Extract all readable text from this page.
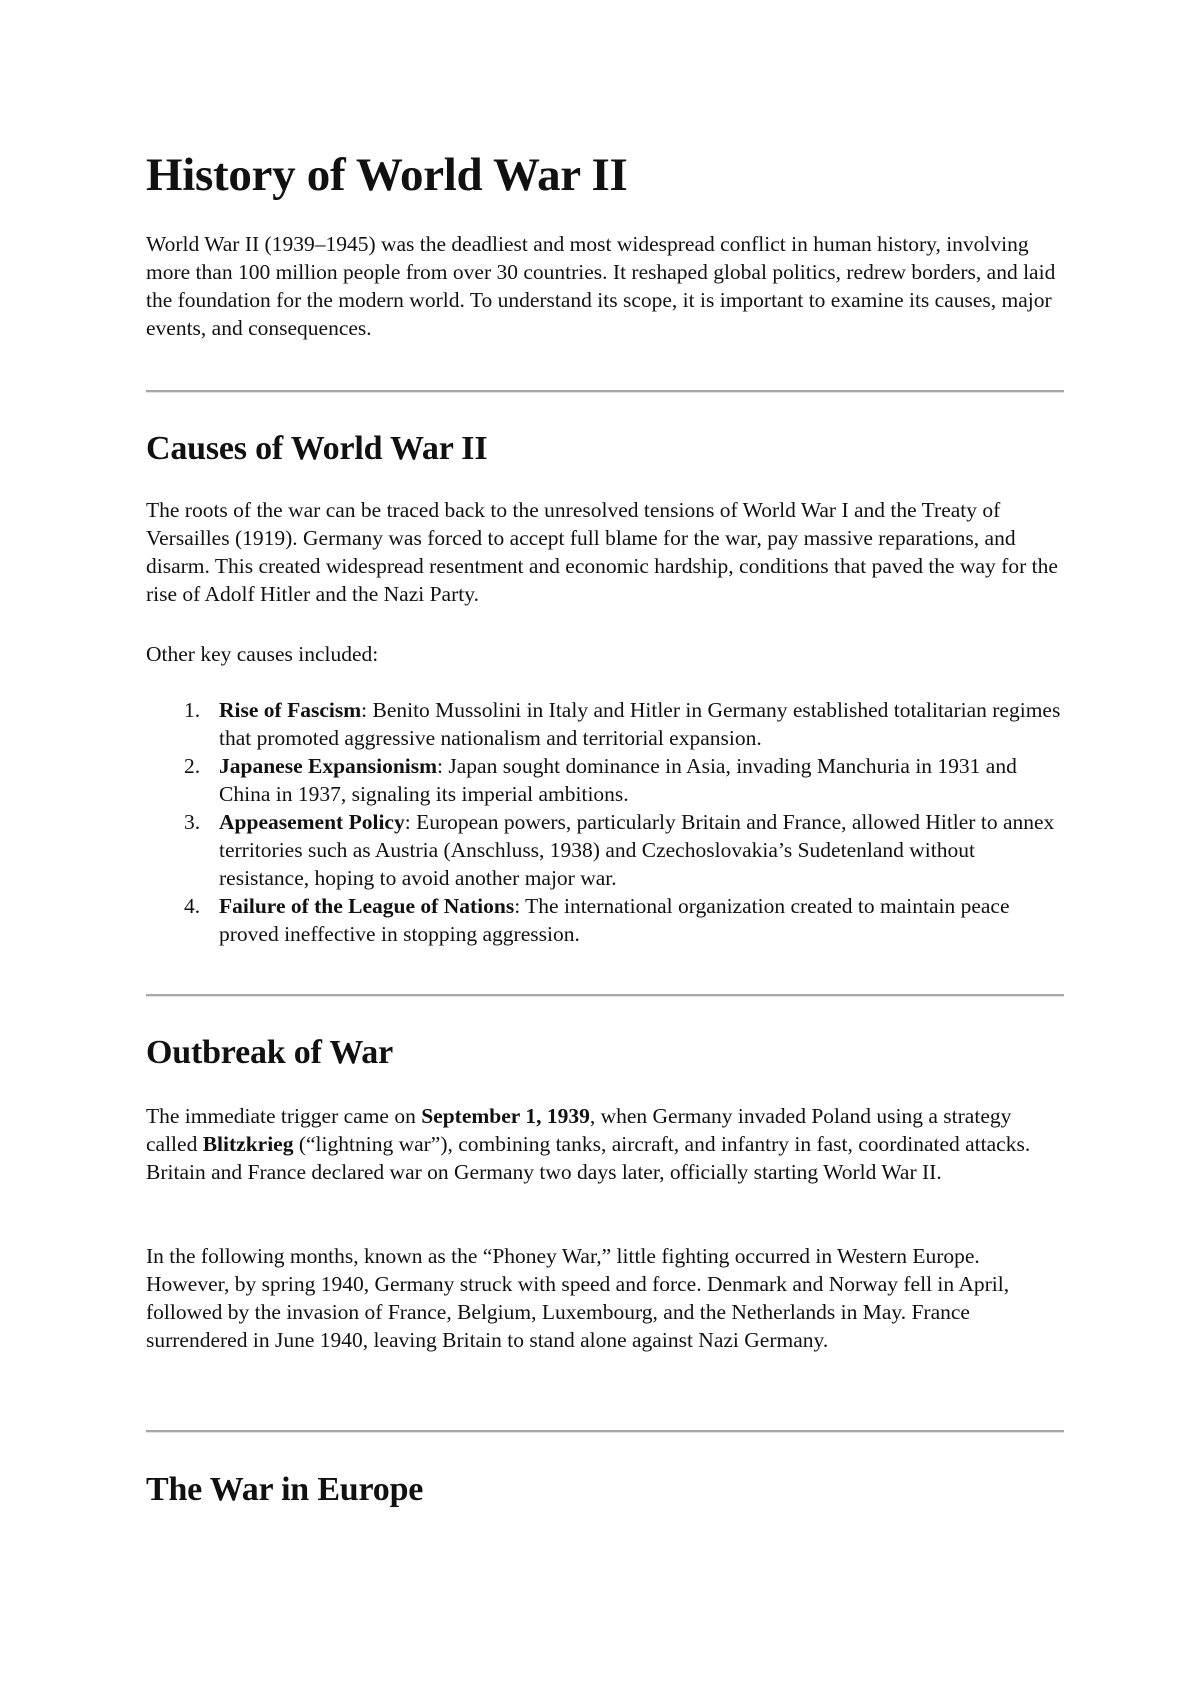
History of World War II

World War II (1939–1945) was the deadliest and most widespread conflict in human history, involving more than 100 million people from over 30 countries. It reshaped global politics, redrew borders, and laid the foundation for the modern world. To understand its scope, it is important to examine its causes, major events, and consequences.

Causes of World War II

The roots of the war can be traced back to the unresolved tensions of World War I and the Treaty of Versailles (1919). Germany was forced to accept full blame for the war, pay massive reparations, and disarm. This created widespread resentment and economic hardship, conditions that paved the way for the rise of Adolf Hitler and the Nazi Party.

Other key causes included:

1. Rise of Fascism: Benito Mussolini in Italy and Hitler in Germany established totalitarian regimes that promoted aggressive nationalism and territorial expansion.
2. Japanese Expansionism: Japan sought dominance in Asia, invading Manchuria in 1931 and China in 1937, signaling its imperial ambitions.
3. Appeasement Policy: European powers, particularly Britain and France, allowed Hitler to annex territories such as Austria (Anschluss, 1938) and Czechoslovakia’s Sudetenland without resistance, hoping to avoid another major war.
4. Failure of the League of Nations: The international organization created to maintain peace proved ineffective in stopping aggression.
Outbreak of War

The immediate trigger came on September 1, 1939, when Germany invaded Poland using a strategy called Blitzkrieg (“lightning war”), combining tanks, aircraft, and infantry in fast, coordinated attacks. Britain and France declared war on Germany two days later, officially starting World War II.

In the following months, known as the “Phoney War,” little fighting occurred in Western Europe. However, by spring 1940, Germany struck with speed and force. Denmark and Norway fell in April, followed by the invasion of France, Belgium, Luxembourg, and the Netherlands in May. France surrendered in June 1940, leaving Britain to stand alone against Nazi Germany.

The War in Europe
